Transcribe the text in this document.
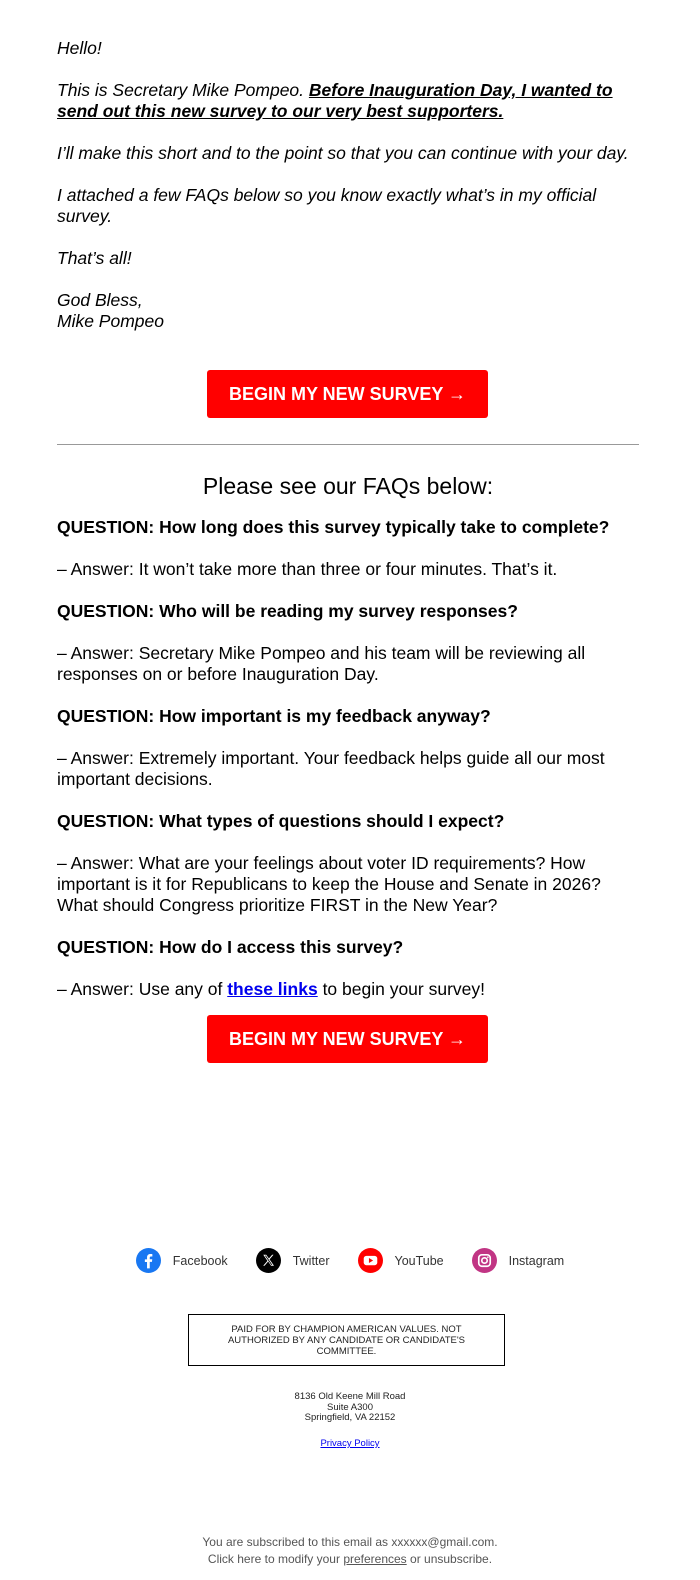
Hello!

This is Secretary Mike Pompeo. Before Inauguration Day, I wanted to send out this new survey to our very best supporters.

I’ll make this short and to the point so that you can continue with your day.

I attached a few FAQs below so you know exactly what’s in my official survey.

That’s all!

God Bless,

Mike Pompeo

BEGIN MY NEW SURVEY →
Please see our FAQs below:

QUESTION: How long does this survey typically take to complete?

– Answer: It won’t take more than three or four minutes. That’s it.

QUESTION: Who will be reading my survey responses?

– Answer: Secretary Mike Pompeo and his team will be reviewing all responses on or before Inauguration Day.

QUESTION: How important is my feedback anyway?

– Answer: Extremely important. Your feedback helps guide all our most important decisions.

QUESTION: What types of questions should I expect?

– Answer: What are your feelings about voter ID requirements? How important is it for Republicans to keep the House and Senate in 2026? What should Congress prioritize FIRST in the New Year?

QUESTION: How do I access this survey?

– Answer: Use any of these links to begin your survey!

BEGIN MY NEW SURVEY →
Facebook	Twitter	YouTube	Instagram
PAID FOR BY CHAMPION AMERICAN VALUES. NOT AUTHORIZED BY ANY CANDIDATE OR CANDIDATE'S COMMITTEE.
8136 Old Keene Mill Road
Suite A300
Springfield, VA 22152
Privacy Policy
You are subscribed to this email as xxxxxx@gmail.com.
Click here to modify your preferences or unsubscribe.
